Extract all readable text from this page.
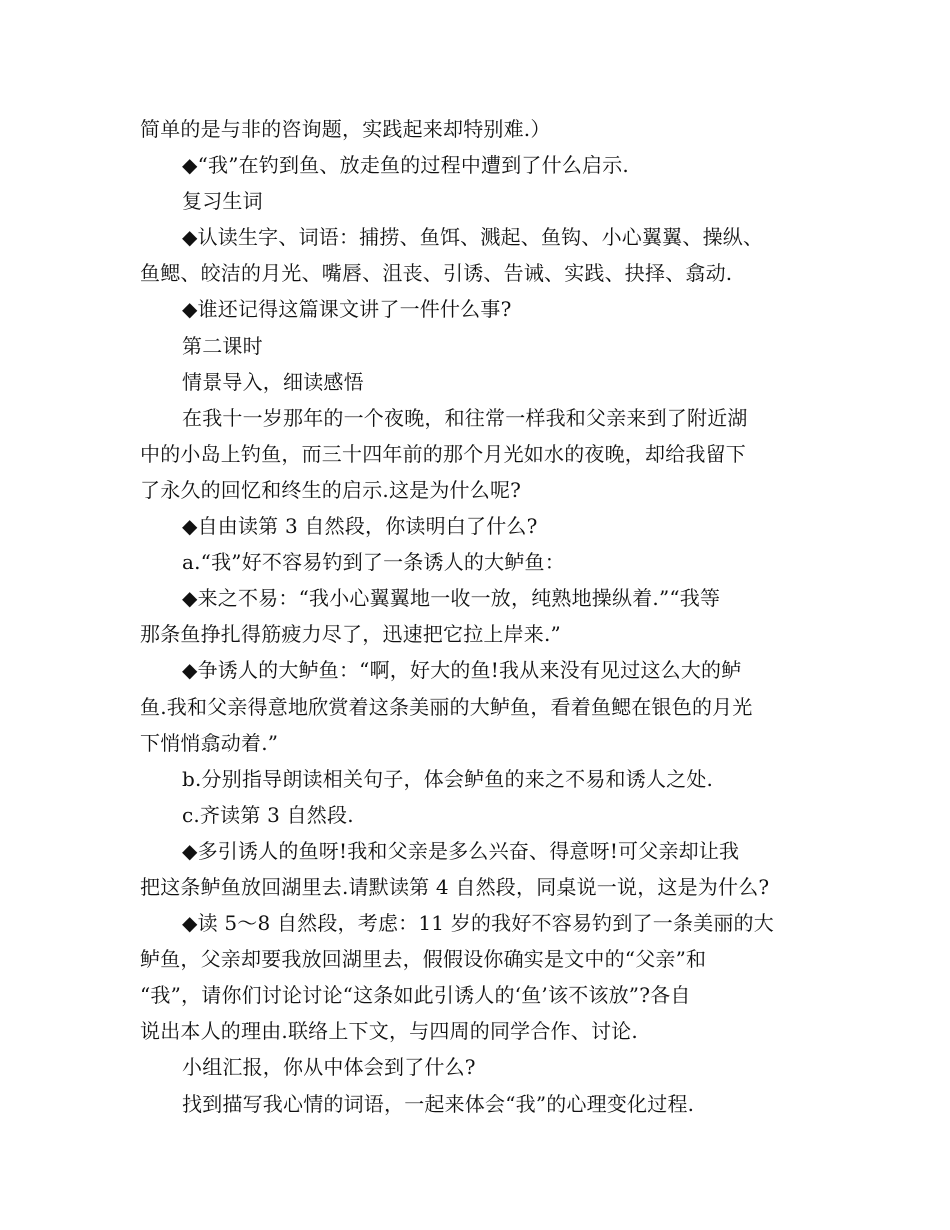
简单的是与非的咨询题，实践起来却特别难.）
◆“我”在钓到鱼、放走鱼的过程中遭到了什么启示.
复习生词
◆认读生字、词语：捕捞、鱼饵、溅起、鱼钩、小心翼翼、操纵、
鱼鳃、皎洁的月光、嘴唇、沮丧、引诱、告诫、实践、抉择、翕动.
◆谁还记得这篇课文讲了一件什么事?
第二课时
情景导入，细读感悟
在我十一岁那年的一个夜晚，和往常一样我和父亲来到了附近湖
中的小岛上钓鱼，而三十四年前的那个月光如水的夜晚，却给我留下
了永久的回忆和终生的启示.这是为什么呢?
◆自由读第 3 自然段，你读明白了什么?
a.“我”好不容易钓到了一条诱人的大鲈鱼：
◆来之不易：“我小心翼翼地一收一放，纯熟地操纵着.”“我等
那条鱼挣扎得筋疲力尽了，迅速把它拉上岸来.”
◆争诱人的大鲈鱼：“啊，好大的鱼!我从来没有见过这么大的鲈
鱼.我和父亲得意地欣赏着这条美丽的大鲈鱼，看着鱼鳃在银色的月光
下悄悄翕动着.”
b.分别指导朗读相关句子，体会鲈鱼的来之不易和诱人之处.
c.齐读第 3 自然段.
◆多引诱人的鱼呀!我和父亲是多么兴奋、得意呀!可父亲却让我
把这条鲈鱼放回湖里去.请默读第 4 自然段，同桌说一说，这是为什么?
◆读 5～8 自然段，考虑：11 岁的我好不容易钓到了一条美丽的大
鲈鱼，父亲却要我放回湖里去，假假设你确实是文中的“父亲”和
“我”，请你们讨论讨论“这条如此引诱人的‘鱼’该不该放”?各自
说出本人的理由.联络上下文，与四周的同学合作、讨论.
小组汇报，你从中体会到了什么?
找到描写我心情的词语，一起来体会“我”的心理变化过程.
